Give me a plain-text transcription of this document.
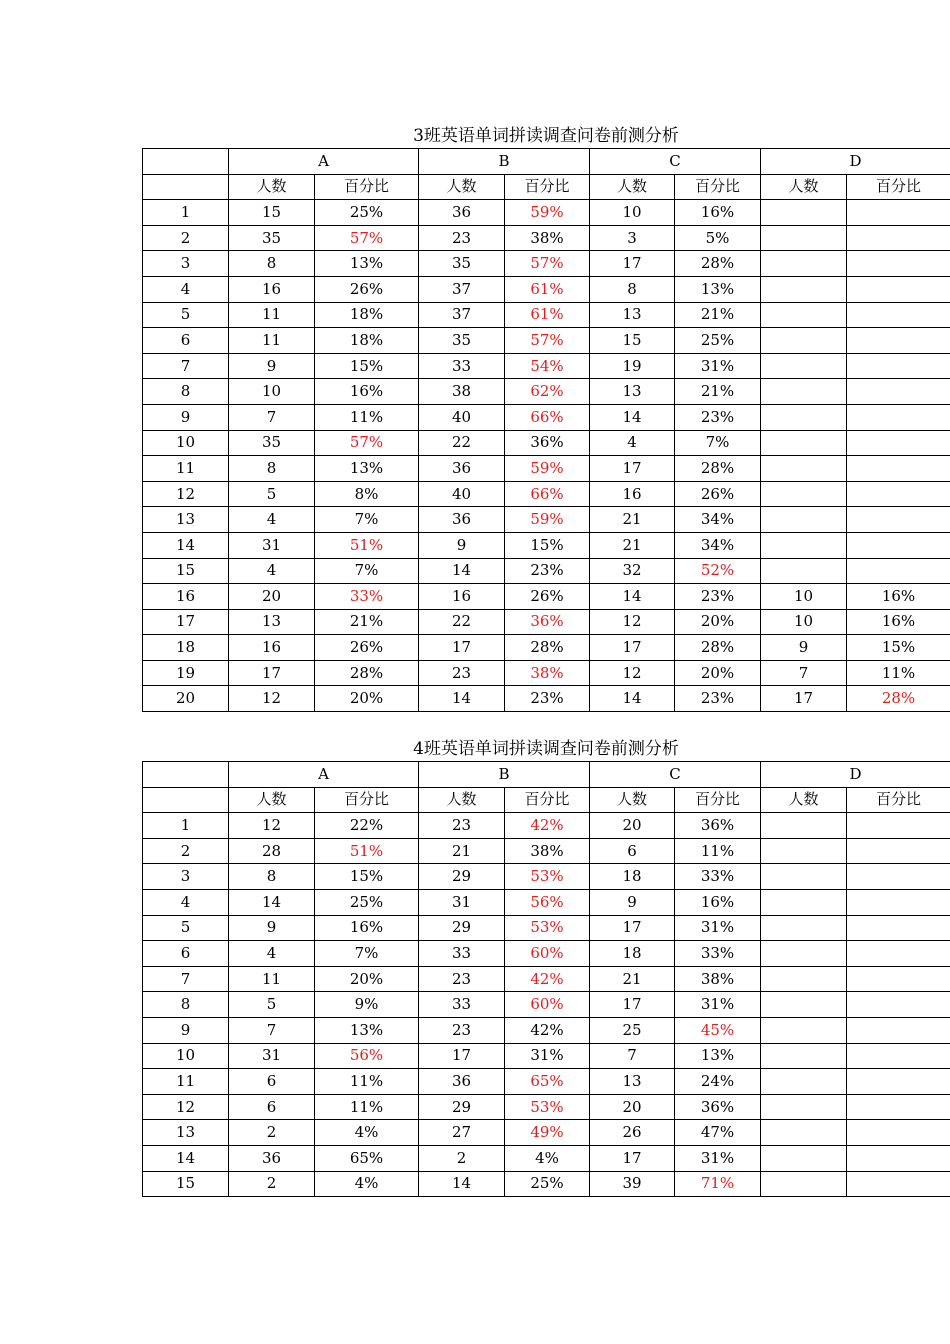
3班英语单词拼读调查问卷前测分析
	A		B		C		D	
	人数	百分比	人数	百分比	人数	百分比	人数	百分比
1	15	25%	36	59%	10	16%		
2	35	57%	23	38%	3	5%		
3	8	13%	35	57%	17	28%		
4	16	26%	37	61%	8	13%		
5	11	18%	37	61%	13	21%		
6	11	18%	35	57%	15	25%		
7	9	15%	33	54%	19	31%		
8	10	16%	38	62%	13	21%		
9	7	11%	40	66%	14	23%		
10	35	57%	22	36%	4	7%		
11	8	13%	36	59%	17	28%		
12	5	8%	40	66%	16	26%		
13	4	7%	36	59%	21	34%		
14	31	51%	9	15%	21	34%		
15	4	7%	14	23%	32	52%		
16	20	33%	16	26%	14	23%	10	16%
17	13	21%	22	36%	12	20%	10	16%
18	16	26%	17	28%	17	28%	9	15%
19	17	28%	23	38%	12	20%	7	11%
20	12	20%	14	23%	14	23%	17	28%
4班英语单词拼读调查问卷前测分析
	A		B		C		D	
	人数	百分比	人数	百分比	人数	百分比	人数	百分比
1	12	22%	23	42%	20	36%		
2	28	51%	21	38%	6	11%		
3	8	15%	29	53%	18	33%		
4	14	25%	31	56%	9	16%		
5	9	16%	29	53%	17	31%		
6	4	7%	33	60%	18	33%		
7	11	20%	23	42%	21	38%		
8	5	9%	33	60%	17	31%		
9	7	13%	23	42%	25	45%		
10	31	56%	17	31%	7	13%		
11	6	11%	36	65%	13	24%		
12	6	11%	29	53%	20	36%		
13	2	4%	27	49%	26	47%		
14	36	65%	2	4%	17	31%		
15	2	4%	14	25%	39	71%		
